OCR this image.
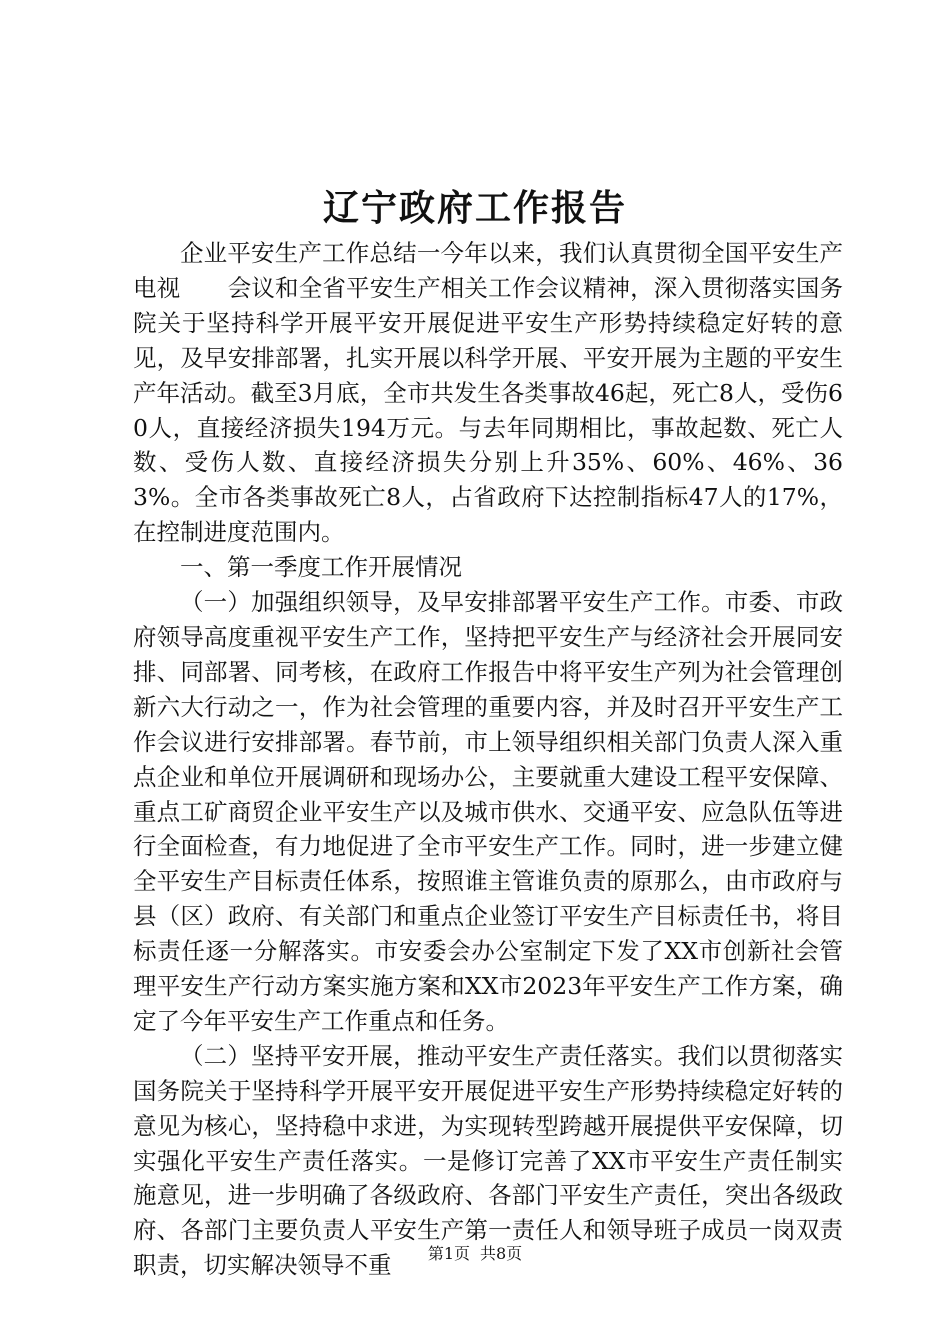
辽宁政府工作报告

企业平安生产工作总结一今年以来，我们认真贯彻全国平安生产电视　　会议和全省平安生产相关工作会议精神，深入贯彻落实国务院关于坚持科学开展平安开展促进平安生产形势持续稳定好转的意见，及早安排部署，扎实开展以科学开展、平安开展为主题的平安生产年活动。截至3月底，全市共发生各类事故46起，死亡8人，受伤60人，直接经济损失194万元。与去年同期相比，事故起数、死亡人数、受伤人数、直接经济损失分别上升35%、60%、46%、363%。全市各类事故死亡8人，占省政府下达控制指标47人的17%，在控制进度范围内。

一、第一季度工作开展情况

（一）加强组织领导，及早安排部署平安生产工作。市委、市政府领导高度重视平安生产工作，坚持把平安生产与经济社会开展同安排、同部署、同考核，在政府工作报告中将平安生产列为社会管理创新六大行动之一，作为社会管理的重要内容，并及时召开平安生产工作会议进行安排部署。春节前，市上领导组织相关部门负责人深入重点企业和单位开展调研和现场办公，主要就重大建设工程平安保障、重点工矿商贸企业平安生产以及城市供水、交通平安、应急队伍等进行全面检查，有力地促进了全市平安生产工作。同时，进一步建立健全平安生产目标责任体系，按照谁主管谁负责的原那么，由市政府与县（区）政府、有关部门和重点企业签订平安生产目标责任书，将目标责任逐一分解落实。市安委会办公室制定下发了XX市创新社会管理平安生产行动方案实施方案和XX市2023年平安生产工作方案，确定了今年平安生产工作重点和任务。

（二）坚持平安开展，推动平安生产责任落实。我们以贯彻落实国务院关于坚持科学开展平安开展促进平安生产形势持续稳定好转的意见为核心，坚持稳中求进，为实现转型跨越开展提供平安保障，切实强化平安生产责任落实。一是修订完善了XX市平安生产责任制实施意见，进一步明确了各级政府、各部门平安生产责任，突出各级政府、各部门主要负责人平安生产第一责任人和领导班子成员一岗双责职责，切实解决领导不重	第1页 共8页
